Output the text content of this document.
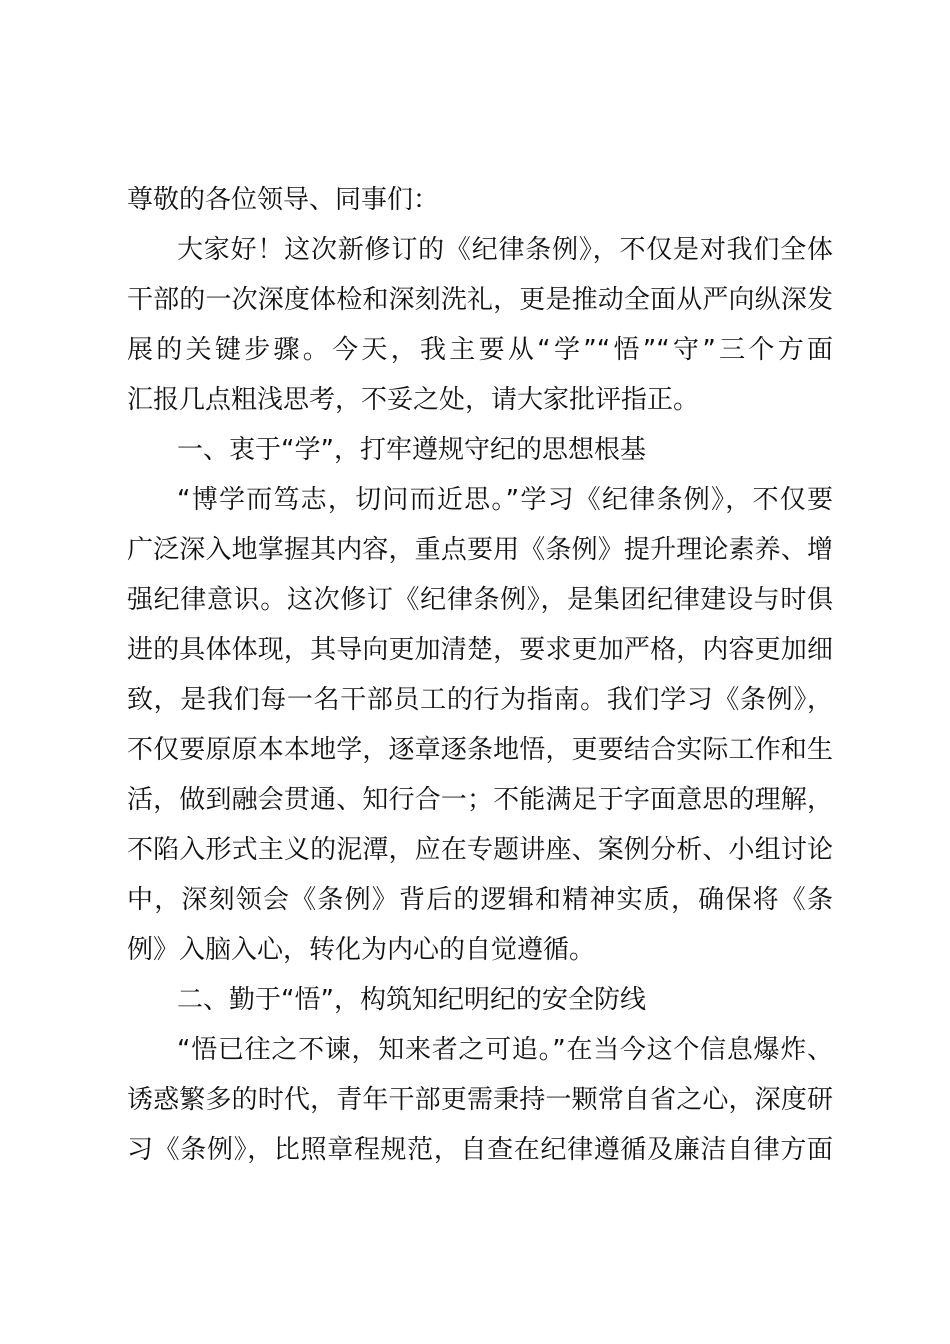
尊敬的各位领导、同事们：
大家好！这次新修订的《纪律条例》，不仅是对我们全体
干部的一次深度体检和深刻洗礼，更是推动全面从严向纵深发
展的关键步骤。今天，我主要从“学”“悟”“守”三个方面
汇报几点粗浅思考，不妥之处，请大家批评指正。
一、衷于“学”，打牢遵规守纪的思想根基
“博学而笃志，切问而近思。”学习《纪律条例》，不仅要
广泛深入地掌握其内容，重点要用《条例》提升理论素养、增
强纪律意识。这次修订《纪律条例》，是集团纪律建设与时俱
进的具体体现，其导向更加清楚，要求更加严格，内容更加细
致，是我们每一名干部员工的行为指南。我们学习《条例》，
不仅要原原本本地学，逐章逐条地悟，更要结合实际工作和生
活，做到融会贯通、知行合一；不能满足于字面意思的理解，
不陷入形式主义的泥潭，应在专题讲座、案例分析、小组讨论
中，深刻领会《条例》背后的逻辑和精神实质，确保将《条
例》入脑入心，转化为内心的自觉遵循。
二、勤于“悟”，构筑知纪明纪的安全防线
“悟已往之不谏，知来者之可追。”在当今这个信息爆炸、
诱惑繁多的时代，青年干部更需秉持一颗常自省之心，深度研
习《条例》，比照章程规范，自查在纪律遵循及廉洁自律方面
